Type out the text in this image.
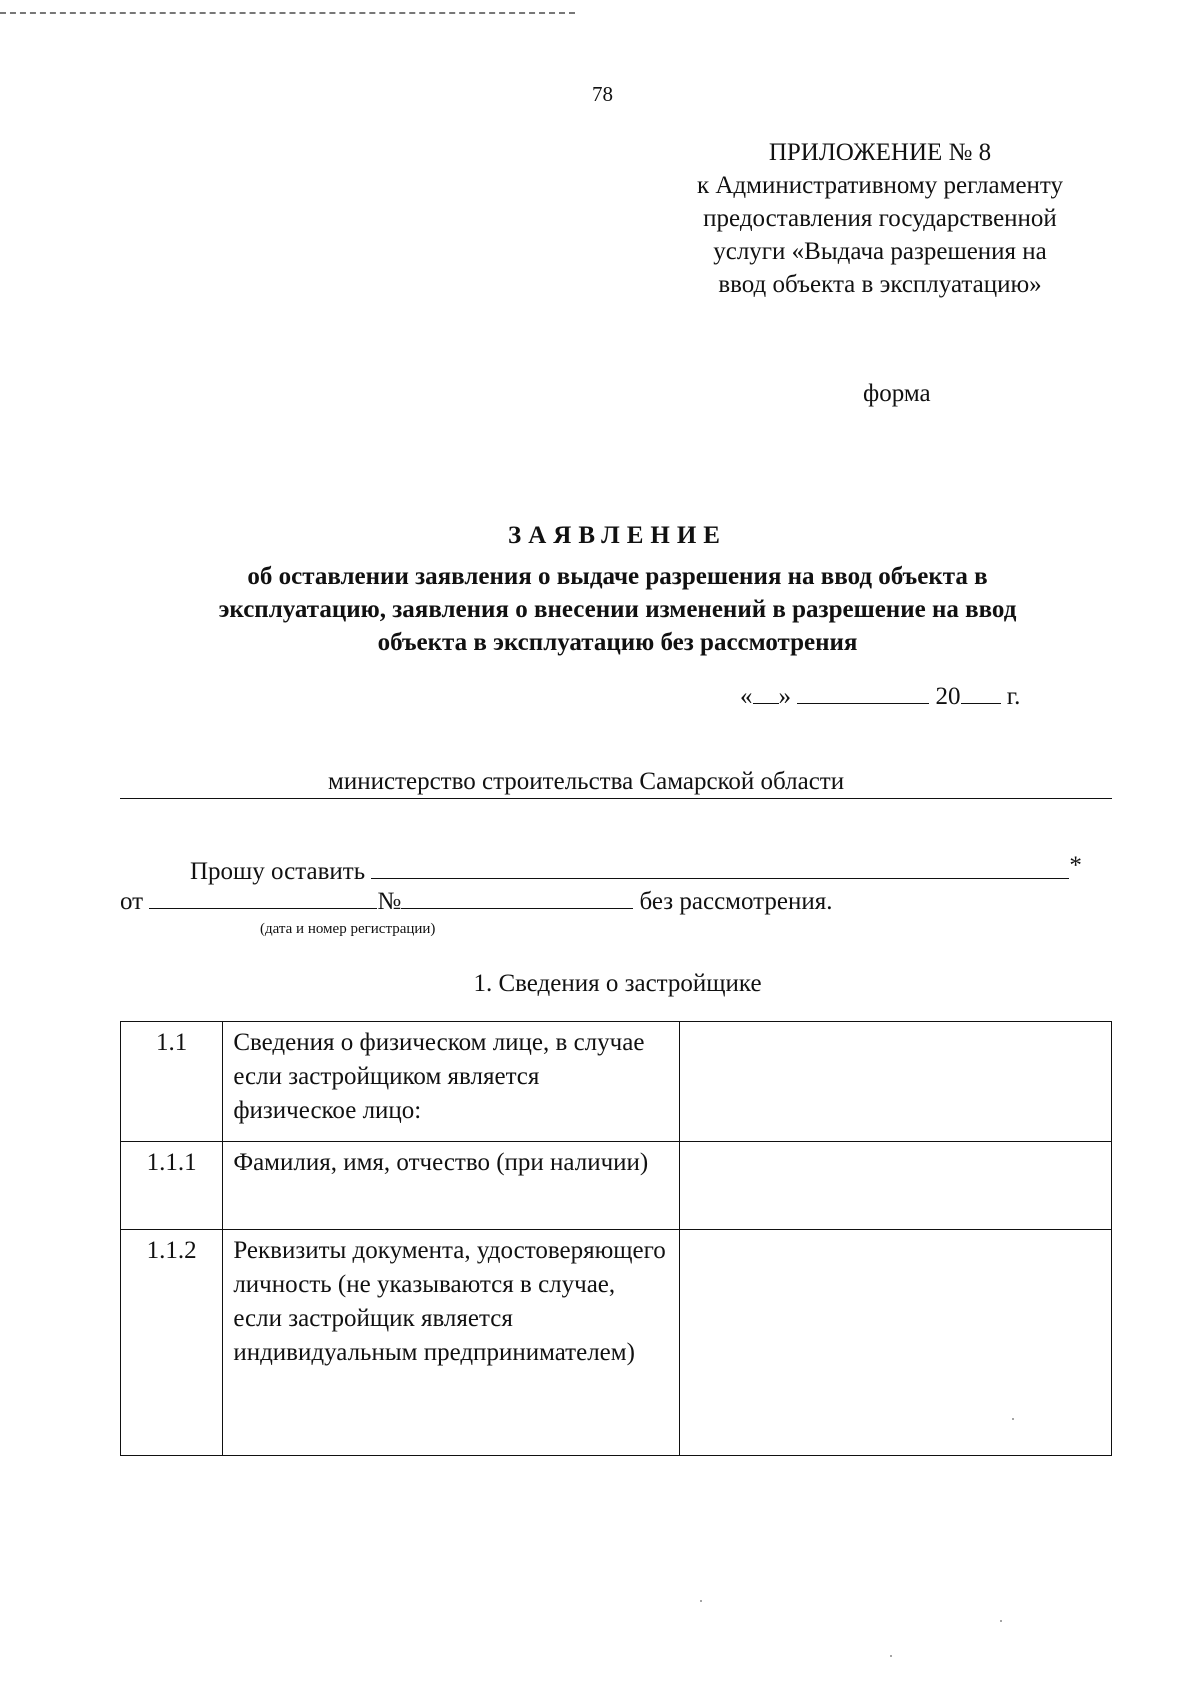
78
ПРИЛОЖЕНИЕ № 8
к Административному регламенту
предоставления государственной
услуги «Выдача разрешения на
ввод объекта в эксплуатацию»
форма
ЗАЯВЛЕНИЕ
об оставлении заявления о выдаче разрешения на ввод объекта в
эксплуатацию, заявления о внесении изменений в разрешение на ввод
объекта в эксплуатацию без рассмотрения
« »	20 г.
министерство строительства Самарской области
Прошу оставить	*
от	№	без рассмотрения.
(дата и номер регистрации)
1. Сведения о застройщике
1.1	Сведения о физическом лице, в случае если застройщиком является физическое лицо:	
1.1.1	Фамилия, имя, отчество (при наличии)	
1.1.2	Реквизиты документа, удостоверяющего личность (не указываются в случае, если застройщик является индивидуальным предпринимателем)	
